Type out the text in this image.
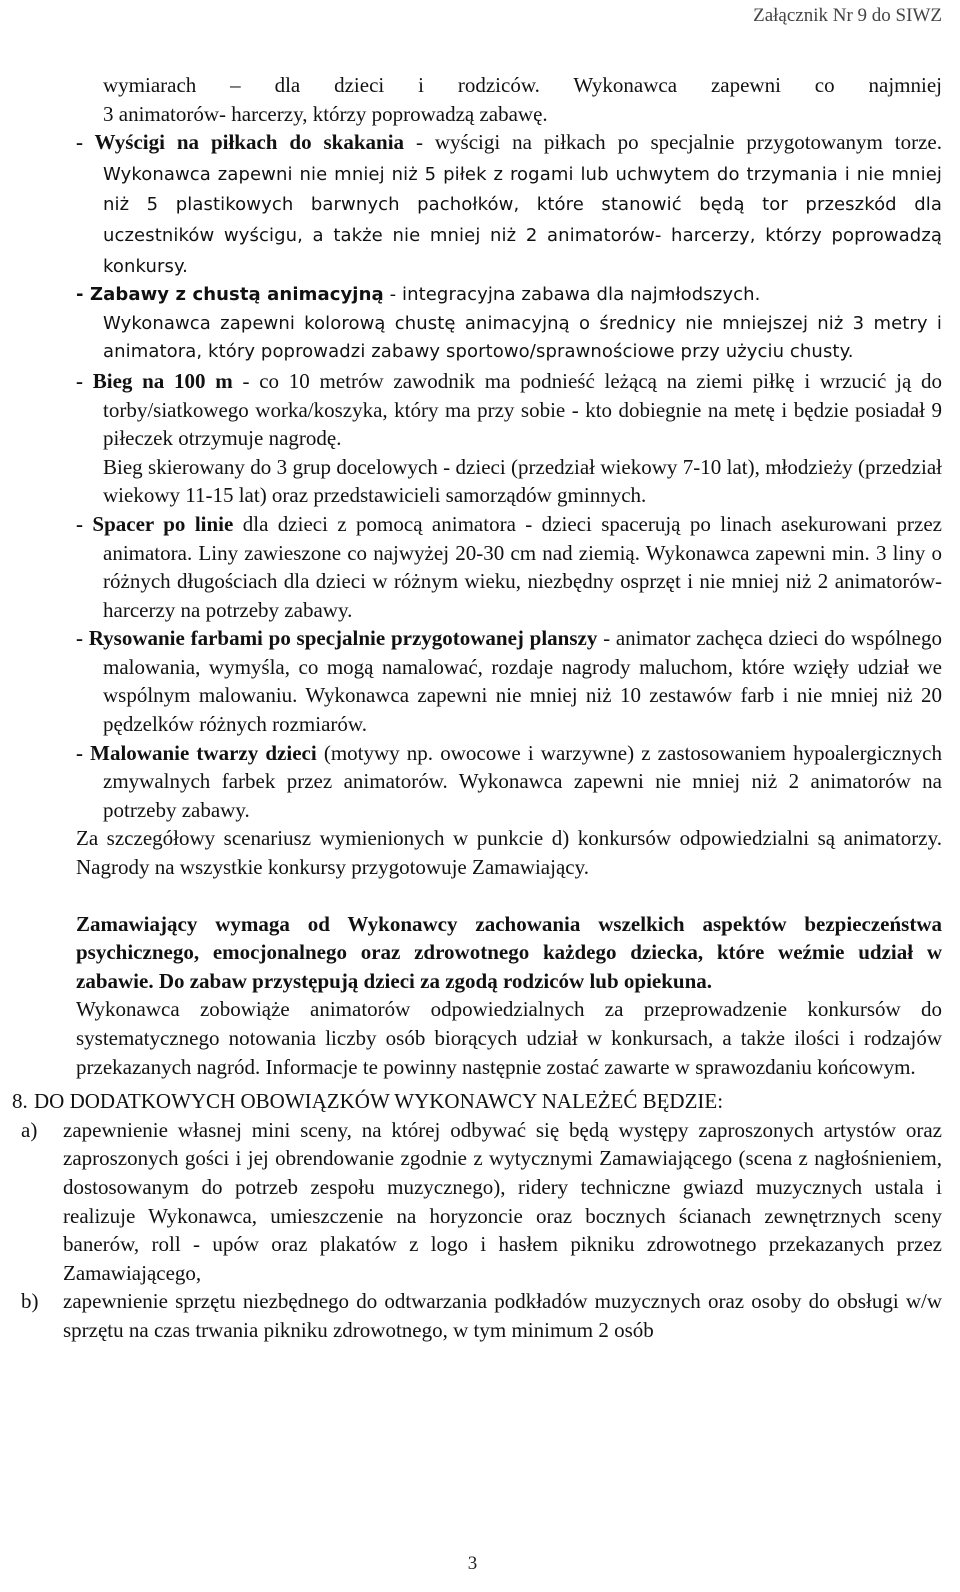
Załącznik Nr 9 do SIWZ

wymiarach – dla dzieci i rodziców. Wykonawca zapewni co najmniej
3 animatorów- harcerzy, którzy poprowadzą zabawę.

- Wyścigi na piłkach do skakania - wyścigi na piłkach po specjalnie przygotowanym torze. Wykonawca zapewni nie mniej niż 5 piłek z rogami lub uchwytem do trzymania i nie mniej niż 5 plastikowych barwnych pachołków, które stanowić będą tor przeszkód dla uczestników wyścigu, a także nie mniej niż 2 animatorów- harcerzy, którzy poprowadzą konkursy.

- Zabawy z chustą animacyjną - integracyjna zabawa dla najmłodszych.
Wykonawca zapewni kolorową chustę animacyjną o średnicy nie mniejszej niż 3 metry i animatora, który poprowadzi zabawy sportowo/sprawnościowe przy użyciu chusty.

- Bieg na 100 m - co 10 metrów zawodnik ma podnieść leżącą na ziemi piłkę i wrzucić ją do torby/siatkowego worka/koszyka, który ma przy sobie - kto dobiegnie na metę i będzie posiadał 9 piłeczek otrzymuje nagrodę.

Bieg skierowany do 3 grup docelowych - dzieci (przedział wiekowy 7-10 lat), młodzieży (przedział wiekowy 11-15 lat) oraz przedstawicieli samorządów gminnych.

- Spacer po linie dla dzieci z pomocą animatora - dzieci spacerują po linach asekurowani przez animatora. Liny zawieszone co najwyżej 20-30 cm nad ziemią. Wykonawca zapewni min. 3 liny o różnych długościach dla dzieci w różnym wieku, niezbędny osprzęt i nie mniej niż 2 animatorów-harcerzy na potrzeby zabawy.

- Rysowanie farbami po specjalnie przygotowanej planszy - animator zachęca dzieci do wspólnego malowania, wymyśla, co mogą namalować, rozdaje nagrody maluchom, które wzięły udział we wspólnym malowaniu. Wykonawca zapewni nie mniej niż 10 zestawów farb i nie mniej niż 20 pędzelków różnych rozmiarów.

- Malowanie twarzy dzieci (motywy np. owocowe i warzywne) z zastosowaniem hypoalergicznych zmywalnych farbek przez animatorów. Wykonawca zapewni nie mniej niż 2 animatorów na potrzeby zabawy.

Za szczegółowy scenariusz wymienionych w punkcie d) konkursów odpowiedzialni są animatorzy. Nagrody na wszystkie konkursy przygotowuje Zamawiający.

Zamawiający wymaga od Wykonawcy zachowania wszelkich aspektów bezpieczeństwa psychicznego, emocjonalnego oraz zdrowotnego każdego dziecka, które weźmie udział w zabawie. Do zabaw przystępują dzieci za zgodą rodziców lub opiekuna.

Wykonawca zobowiąże animatorów odpowiedzialnych za przeprowadzenie konkursów do systematycznego notowania liczby osób biorących udział w konkursach, a także ilości i rodzajów przekazanych nagród. Informacje te powinny następnie zostać zawarte w sprawozdaniu końcowym.

8. DO DODATKOWYCH OBOWIĄZKÓW WYKONAWCY NALEŻEĆ BĘDZIE:
a)	zapewnienie własnej mini sceny, na której odbywać się będą występy zaproszonych artystów oraz zaproszonych gości i jej obrendowanie zgodnie z wytycznymi Zamawiającego (scena z nagłośnieniem, dostosowanym do potrzeb zespołu muzycznego), ridery techniczne gwiazd muzycznych ustala i realizuje Wykonawca, umieszczenie na horyzoncie oraz bocznych ścianach zewnętrznych sceny banerów, roll - upów oraz plakatów z logo i hasłem pikniku zdrowotnego przekazanych przez Zamawiającego,
b)	zapewnienie sprzętu niezbędnego do odtwarzania podkładów muzycznych oraz osoby do obsługi w/w sprzętu na czas trwania pikniku zdrowotnego, w tym minimum 2 osób
3
